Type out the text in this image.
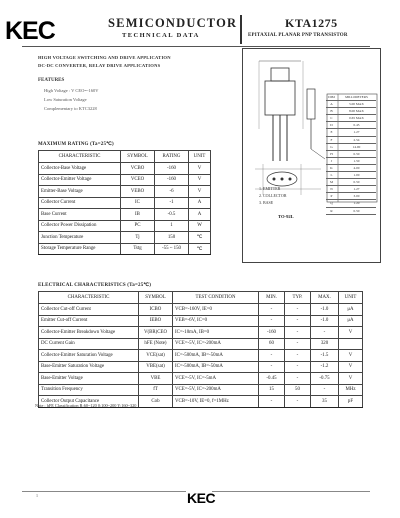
KEC	SEMICONDUCTOR
TECHNICAL DATA
KTA1275
EPITAXIAL PLANAR PNP TRANSISTOR
HIGH VOLTAGE SWITCHING AND DRIVE APPLICATION
DC-DC CONVERTER, RELAY DRIVE APPLICATIONS
FEATURES
High Voltage : V CEO=-160V
Low Saturation Voltage
Complementary to KTC3228
MAXIMUM RATING (Ta=25℃)
CHARACTERISTIC	SYMBOL	RATING	UNIT
Collector-Base Voltage	VCBO	-160	V
Collector-Emitter Voltage	VCEO	-160	V
Emitter-Base Voltage	VEBO	-6	V
Collector Current	IC	-1	A
Base Current	IB	-0.5	A
Collector Power Dissipation	PC	1	W
Junction Temperature	Tj	150	℃
Storage Temperature Range	Tstg	-55 ~ 150	℃
DIM	MILLIMETERS
A	5.00 MAX
B	8.00 MAX
C	0.65 MAX
D	0.45
E	1.27
F	2.54
G	14.00
H	0.50
J	1.50
K	4.00
L	1.00
M	0.50
N	1.27
P	3.00
Q	1.20
R	0.50
1. EMITTER
2. COLLECTOR
3. BASE
TO-92L
ELECTRICAL CHARACTERISTICS (Ta=25℃)
CHARACTERISTIC	SYMBOL	TEST CONDITION	MIN.	TYP.	MAX.	UNIT
Collector Cut-off Current	ICBO	VCB=-160V, IE=0	-	-	-1.0	μA
Emitter Cut-off Current	IEBO	VEB=-6V, IC=0	-	-	-1.0	μA
Collector-Emitter Breakdown Voltage	V(BR)CEO	IC=-10mA, IB=0	-160	-	-	V
DC Current Gain	hFE (Note)	VCE=-5V, IC=-200mA	60	-	320	
Collector-Emitter Saturation Voltage	VCE(sat)	IC=-500mA, IB=-50mA	-	-	-1.5	V
Base-Emitter Saturation Voltage	VBE(sat)	IC=-500mA, IB=-50mA	-	-	-1.2	V
Base-Emitter Voltage	VBE	VCE=-5V, IC=-5mA	-0.45	-	-0.75	V
Transition Frequency	fT	VCE=-5V, IC=-200mA	15	50	-	MHz
Collector Output Capacitance	Cob	VCB=-10V, IE=0, f=1MHz	-	-	35	pF
Note : hFE Classification R:60~120 0:100~200 Y:160~320
1	KEC
